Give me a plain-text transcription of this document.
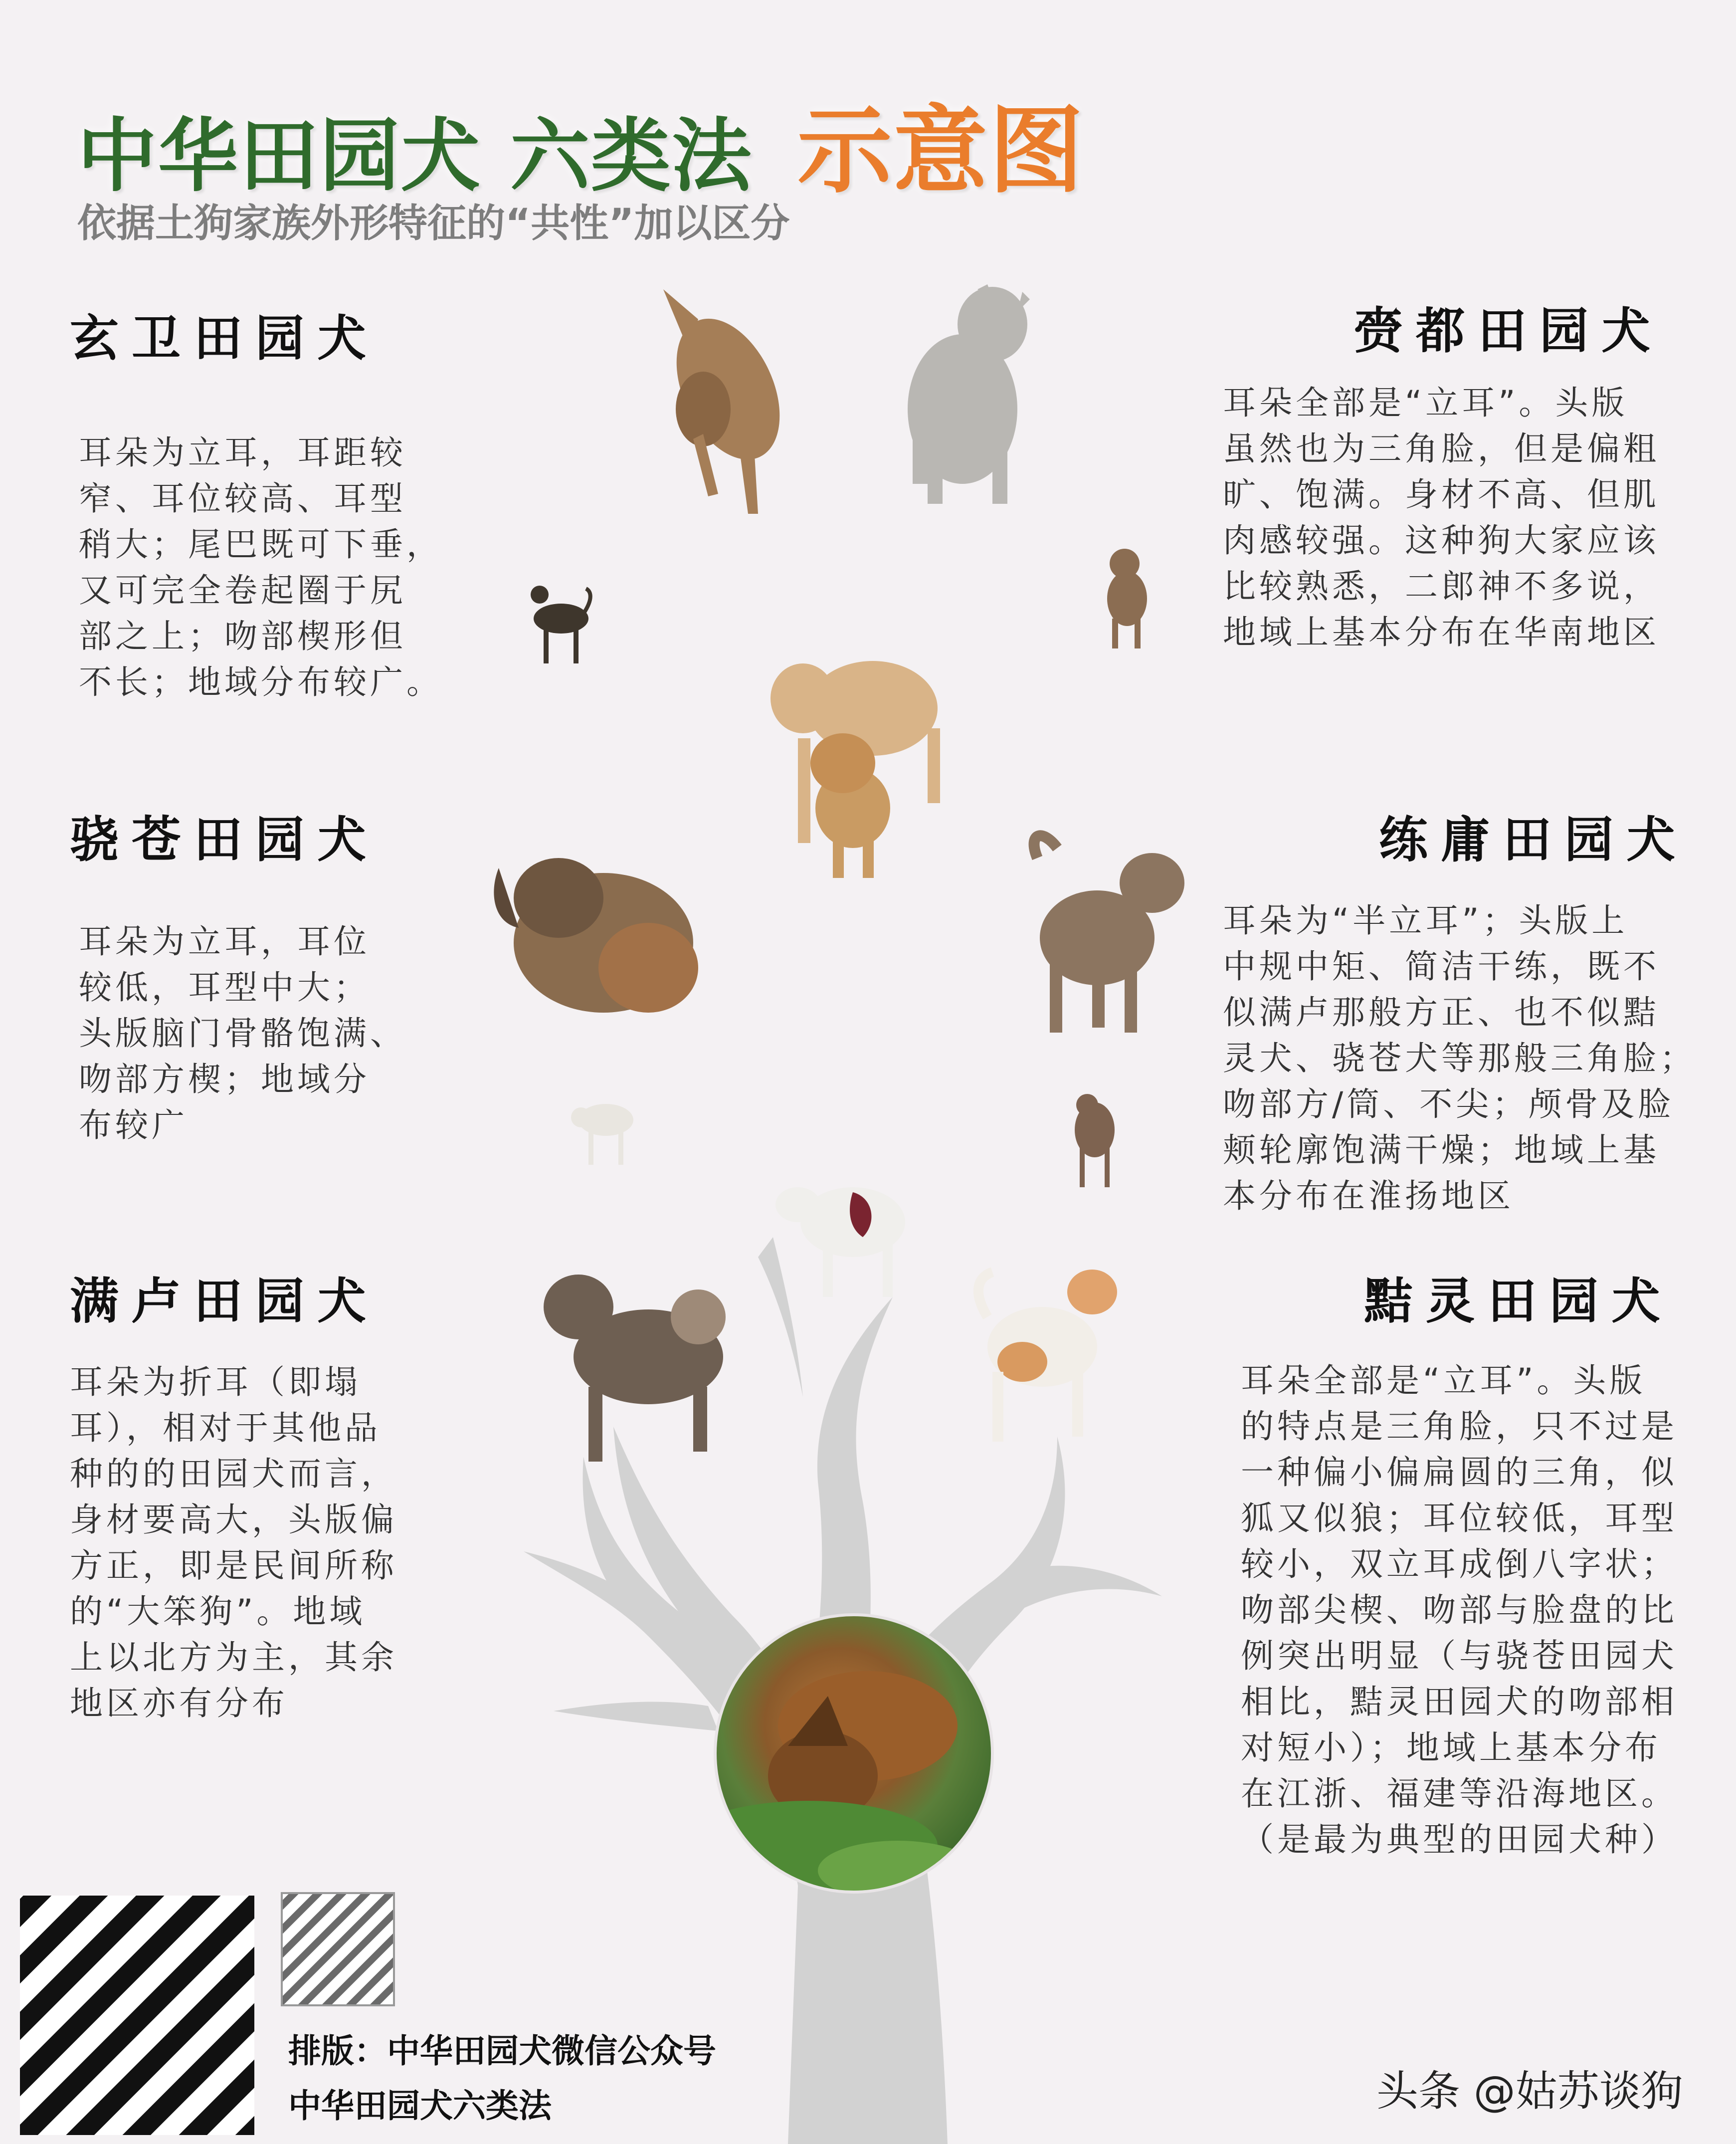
中华田园犬 六类法 示意图
依据土狗家族外形特征的“共性”加以区分
玄卫田园犬
耳朵为立耳，耳距较
窄、耳位较高、耳型
稍大；尾巴既可下垂，
又可完全卷起圈于尻
部之上；吻部楔形但
不长；地域分布较广。
赍都田园犬
耳朵全部是“立耳”。头版
虽然也为三角脸，但是偏粗
旷、饱满。身材不高、但肌
肉感较强。这种狗大家应该
比较熟悉，二郎神不多说，
地域上基本分布在华南地区
骁苍田园犬
耳朵为立耳，耳位
较低，耳型中大；
头版脑门骨骼饱满、
吻部方楔；地域分
布较广
练庸田园犬
耳朵为“半立耳”；头版上
中规中矩、简洁干练，既不
似满卢那般方正、也不似黠
灵犬、骁苍犬等那般三角脸；
吻部方/筒、不尖；颅骨及脸
颊轮廓饱满干燥；地域上基
本分布在淮扬地区
满卢田园犬
耳朵为折耳（即塌
耳），相对于其他品
种的的田园犬而言，
身材要高大，头版偏
方正，即是民间所称
的“大笨狗”。地域
上以北方为主，其余
地区亦有分布
黠灵田园犬
耳朵全部是“立耳”。头版
的特点是三角脸，只不过是
一种偏小偏扁圆的三角，似
狐又似狼；耳位较低，耳型
较小，双立耳成倒八字状；
吻部尖楔、吻部与脸盘的比
例突出明显（与骁苍田园犬
相比，黠灵田园犬的吻部相
对短小）；地域上基本分布
在江浙、福建等沿海地区。
（是最为典型的田园犬种）
排版：中华田园犬微信公众号
中华田园犬六类法	头条 @姑苏谈狗
